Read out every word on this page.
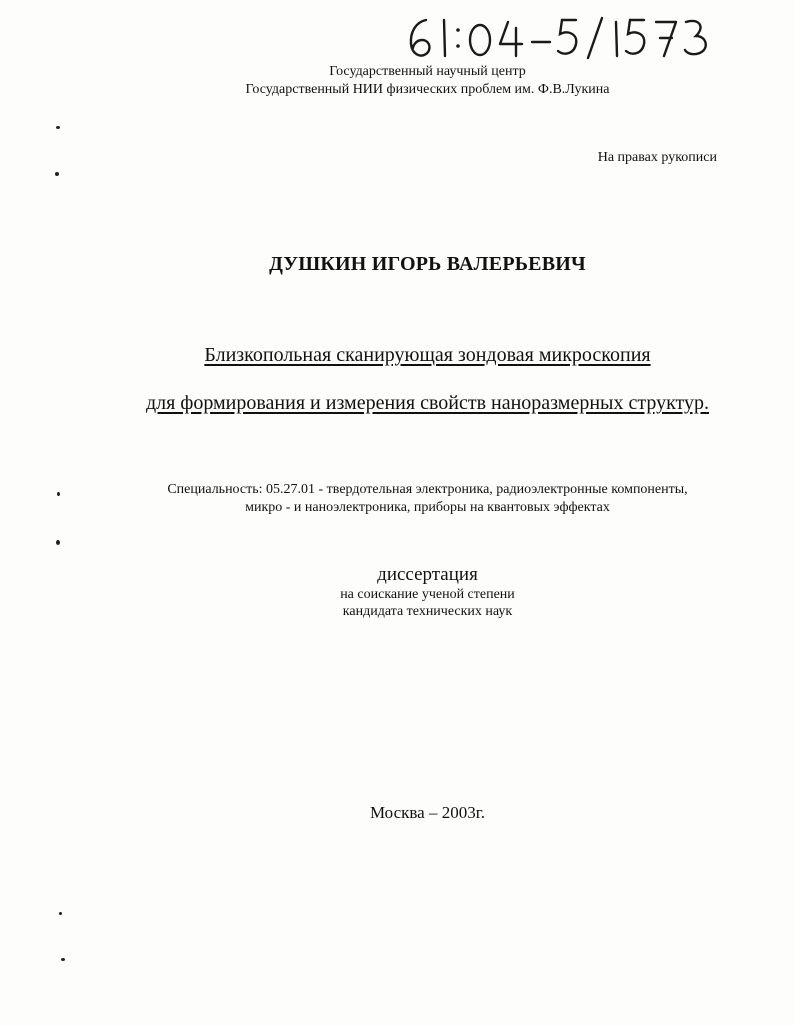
Государственный научный центр
Государственный НИИ физических проблем им. Ф.В.Лукина
На правах рукописи
ДУШКИН ИГОРЬ ВАЛЕРЬЕВИЧ
Близкопольная сканирующая зондовая микроскопия
для формирования и измерения свойств наноразмерных структур.
Специальность: 05.27.01 - твердотельная электроника, радиоэлектронные компоненты,
микро - и наноэлектроника, приборы на квантовых эффектах
диссертация
на соискание ученой степени
кандидата технических наук
Москва – 2003г.
